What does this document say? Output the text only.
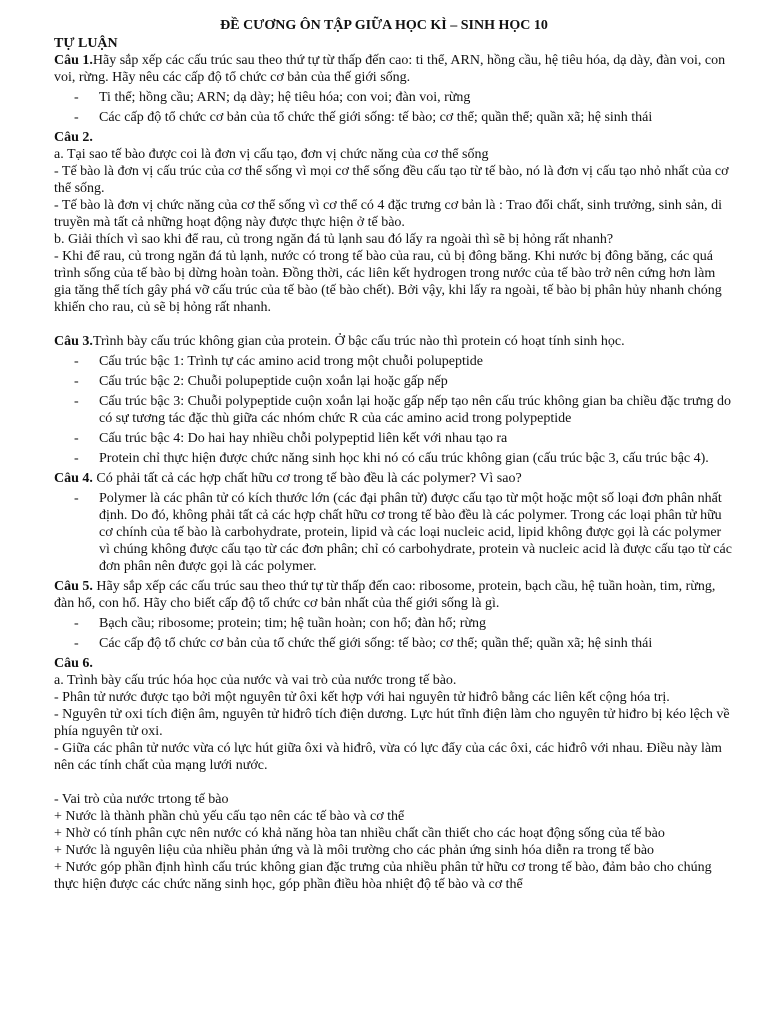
ĐỀ CƯƠNG ÔN TẬP GIỮA HỌC KÌ – SINH HỌC 10

TỰ LUẬN

Câu 1.Hãy sắp xếp các cấu trúc sau theo thứ tự từ thấp đến cao: ti thể, ARN, hồng cầu, hệ tiêu hóa, dạ dày, đàn voi, con voi, rừng. Hãy nêu các cấp độ tổ chức cơ bản của thế giới sống.

- Ti thể; hồng cầu; ARN; dạ dày; hệ tiêu hóa; con voi; đàn voi, rừng
- Các cấp độ tổ chức cơ bản của tổ chức thế giới sống: tế bào; cơ thể; quần thể; quần xã; hệ sinh thái

Câu 2.

a. Tại sao tế bào được coi là đơn vị cấu tạo, đơn vị chức năng của cơ thể sống

- Tế bào là đơn vị cấu trúc của cơ thể sống vì mọi cơ thể sống đều cấu tạo từ tế bào, nó là đơn vị cấu tạo nhỏ nhất của cơ thể sống.

- Tế bào là đơn vị chức năng của cơ thể sống vì cơ thể có 4 đặc trưng cơ bản là : Trao đổi chất, sinh trưởng, sinh sản, di truyền mà tất cả những hoạt động này được thực hiện ở tế bào.

b. Giải thích vì sao khi để rau, củ trong ngăn đá tủ lạnh sau đó lấy ra ngoài thì sẽ bị hỏng rất nhanh?

- Khi để rau, củ trong ngăn đá tủ lạnh, nước có trong tế bào của rau, củ bị đông băng. Khi nước bị đông băng, các quá trình sống của tế bào bị dừng hoàn toàn. Đồng thời, các liên kết hydrogen trong nước của tế bào trở nên cứng hơn làm gia tăng thể tích gây phá vỡ cấu trúc của tế bào (tế bào chết). Bởi vậy, khi lấy ra ngoài, tế bào bị phân hủy nhanh chóng khiến cho rau, củ sẽ bị hỏng rất nhanh.

Câu 3.Trình bày cấu trúc không gian của protein. Ở bậc cấu trúc nào thì protein có hoạt tính sinh học.

- Cấu trúc bậc 1: Trình tự các amino acid trong một chuỗi polupeptide
- Cấu trúc bậc 2: Chuỗi polupeptide cuộn xoắn lại hoặc gấp nếp
- Cấu trúc bậc 3: Chuỗi polypeptide cuộn xoắn lại hoặc gấp nếp tạo nên cấu trúc không gian ba chiều đặc trưng do có sự tương tác đặc thù giữa các nhóm chức R của các amino acid trong polypeptide
- Cấu trúc bậc 4: Do hai hay nhiều chỗi polypeptid liên kết với nhau tạo ra
- Protein chỉ thực hiện được chức năng sinh học khi nó có cấu trúc không gian (cấu trúc bậc 3, cấu trúc bậc 4).

Câu 4. Có phải tất cả các hợp chất hữu cơ trong tế bào đều là các polymer? Vì sao?

- Polymer là các phân tử có kích thước lớn (các đại phân tử) được cấu tạo từ một hoặc một số loại đơn phân nhất định. Do đó, không phải tất cả các hợp chất hữu cơ trong tế bào đều là các polymer. Trong các loại phân tử hữu cơ chính của tế bào là carbohydrate, protein, lipid và các loại nucleic acid, lipid không được gọi là các polymer vì chúng không được cấu tạo từ các đơn phân; chỉ có carbohydrate, protein và nucleic acid là được cấu tạo từ các đơn phân nên được gọi là các polymer.

Câu 5. Hãy sắp xếp các cấu trúc sau theo thứ tự từ thấp đến cao: ribosome, protein, bạch cầu, hệ tuần hoàn, tim, rừng, đàn hổ, con hổ. Hãy cho biết cấp độ tổ chức cơ bản nhất của thế giới sống là gì.

- Bạch cầu; ribosome; protein; tim; hệ tuần hoàn; con hổ; đàn hổ; rừng
- Các cấp độ tổ chức cơ bản của tổ chức thế giới sống: tế bào; cơ thể; quần thể; quần xã; hệ sinh thái

Câu 6.

a. Trình bày cấu trúc hóa học của nước và vai trò của nước trong tế bào.

- Phân tử nước được tạo bởi một nguyên tử ôxi kết hợp với hai nguyên tử hiđrô bằng các liên kết cộng hóa trị.

- Nguyên tử oxi tích điện âm, nguyên tử hiđrô tích điện dương. Lực hút tĩnh điện làm cho nguyên tử hiđro bị kéo lệch về phía nguyên tử oxi.

- Giữa các phân tử nước vừa có lực hút giữa ôxi và hiđrô, vừa có lực đẩy của các ôxi, các hiđrô với nhau. Điều này làm nên các tính chất của mạng lưới nước.

- Vai trò của nước trtong tế bào

+ Nước là thành phần chủ yếu cấu tạo nên các tế bào và cơ thể

+ Nhờ có tính phân cực nên nước có khả năng hòa tan nhiều chất cần thiết cho các hoạt động sống của tế bào

+ Nước là nguyên liệu của nhiều phản ứng và là môi trường cho các phản ứng sinh hóa diễn ra trong tế bào

+ Nước góp phần định hình cấu trúc không gian đặc trưng của nhiều phân tử hữu cơ trong tế bào, đảm bảo cho chúng thực hiện được các chức năng sinh học, góp phần điều hòa nhiệt độ tế bào và cơ thể
